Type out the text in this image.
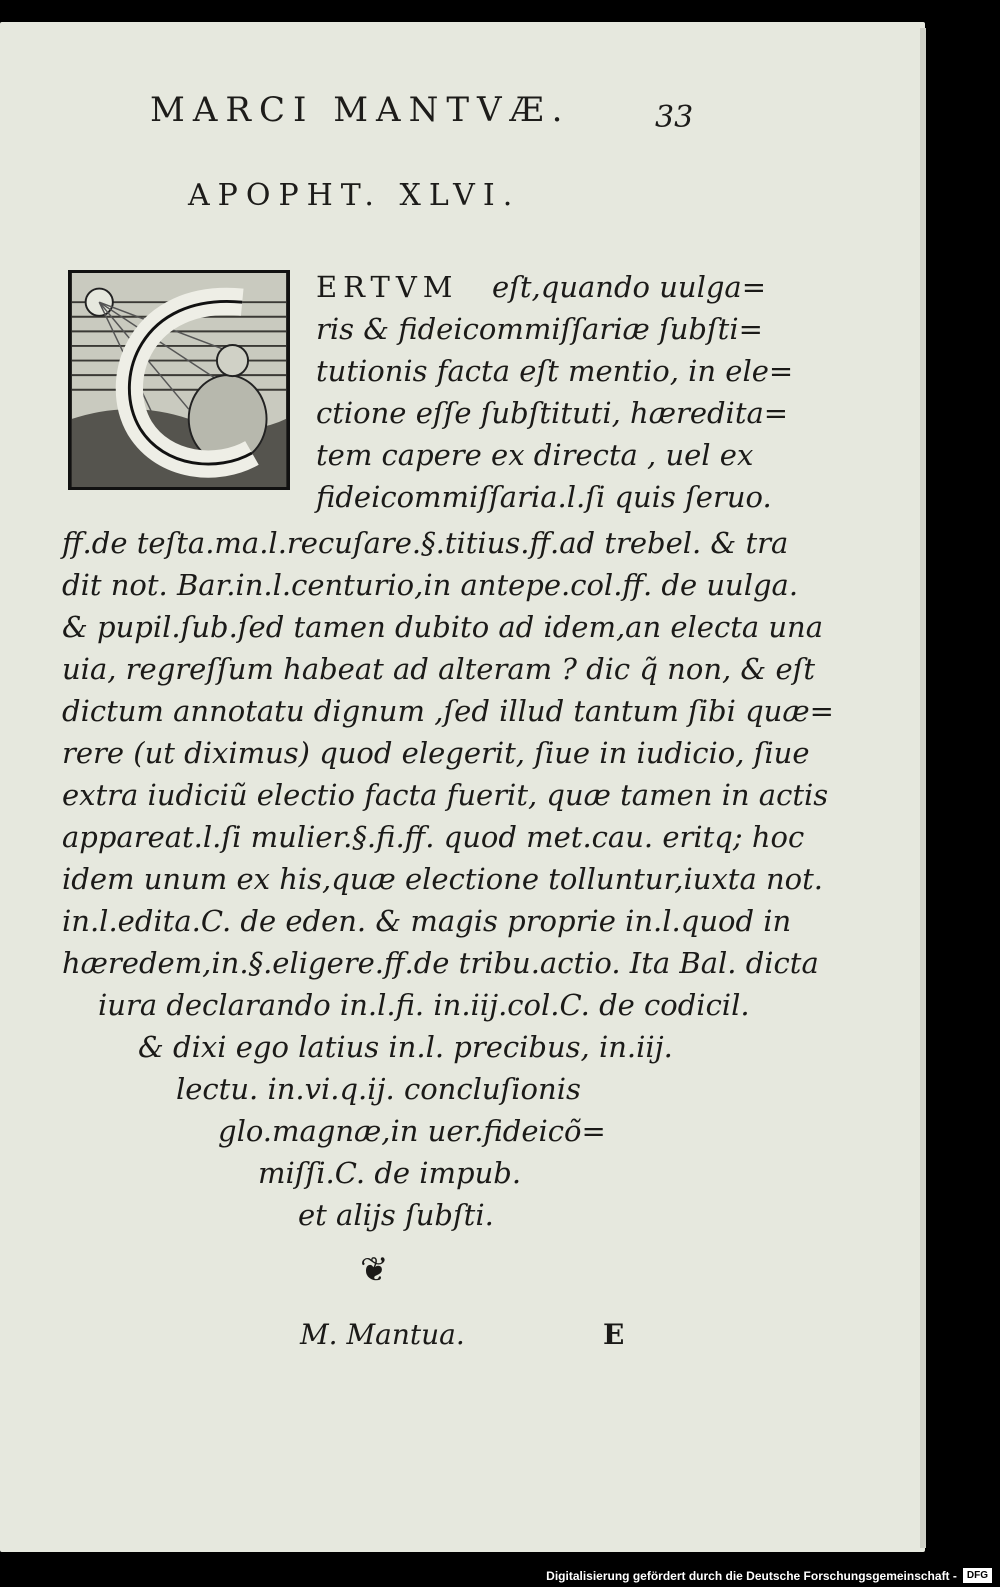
MARCI MANTVÆ.	33
APOPHT. XLVI.
ERTVM eſt,quando uulga=
ris & fideicommiſſariæ ſubſti=
tutionis facta eſt mentio, in ele=
ctione eſſe ſubſtituti, hæredita=
tem capere ex directa , uel ex
fideicommiſſaria.l.ſi quis ſeruo.
ff.de teſta.ma.l.recuſare.§.titius.ff.ad trebel. & tra
dit not. Bar.in.l.centurio,in antepe.col.ff. de uulga.
& pupil.ſub.ſed tamen dubito ad idem,an electa una
uia, regreſſum habeat ad alteram ? dic q̃ non, & eſt
dictum annotatu dignum ,ſed illud tantum ſibi quæ=
rere (ut diximus) quod elegerit, ſiue in iudicio, ſiue
extra iudiciũ electio facta fuerit, quæ tamen in actis
appareat.l.ſi mulier.§.fi.ff. quod met.cau. eritq; hoc
idem unum ex his,quæ electione tolluntur,iuxta not.
in.l.edita.C. de eden. & magis proprie in.l.quod in
hæredem,in.§.eligere.ff.de tribu.actio. Ita Bal. dicta
iura declarando in.l.fi. in.iij.col.C. de codicil.
& dixi ego latius in.l. precibus, in.iij.
lectu. in.vi.q.ij. concluſionis
glo.magnæ,in uer.fideicõ=
miſſi.C. de impub.
et alijs ſubſti.
❦
M. Mantua.	E
Digitalisierung gefördert durch die Deutsche Forschungsgemeinschaft -	DFG
